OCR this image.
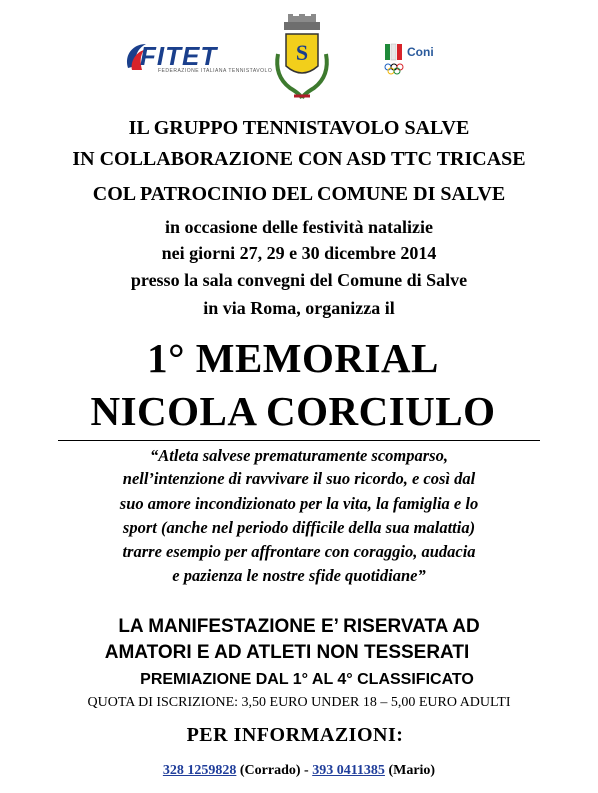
FITET
FEDERAZIONE ITALIANA TENNISTAVOLO
S	Coni
IL GRUPPO TENNISTAVOLO SALVE
IN COLLABORAZIONE CON ASD TTC TRICASE
COL PATROCINIO DEL COMUNE DI SALVE
in occasione delle festività natalizie
nei giorni 27, 29 e 30 dicembre 2014
presso la sala convegni del Comune di Salve
in via Roma, organizza il
1° MEMORIAL
NICOLA CORCIULO
“Atleta salvese prematuramente scomparso,
nell’intenzione di ravvivare il suo ricordo, e così dal
suo amore incondizionato per la vita, la famiglia e lo
sport (anche nel periodo difficile della sua malattia)
trarre esempio per affrontare con coraggio, audacia
e pazienza le nostre sfide quotidiane”
LA MANIFESTAZIONE E’ RISERVATA AD
AMATORI E AD ATLETI NON TESSERATI
PREMIAZIONE DAL 1° AL 4° CLASSIFICATO
QUOTA DI ISCRIZIONE: 3,50 EURO UNDER 18 – 5,00 EURO ADULTI
PER INFORMAZIONI:
328 1259828 (Corrado) - 393 0411385 (Mario)
